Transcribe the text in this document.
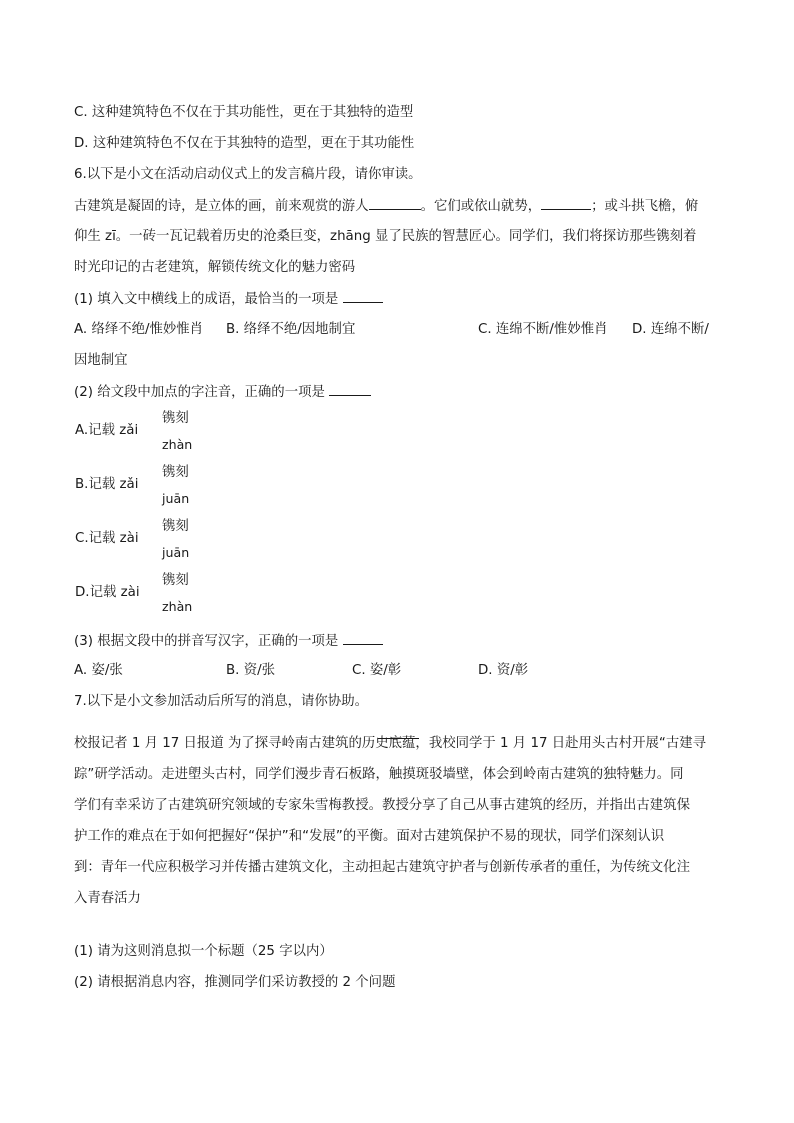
C. 这种建筑特色不仅在于其功能性，更在于其独特的造型
D. 这种建筑特色不仅在于其独特的造型，更在于其功能性
6.以下是小文在活动启动仪式上的发言稿片段，请你审读。
古建筑是凝固的诗，是立体的画，前来观赏的游人	。它们或依山就势，	；或斗拱飞檐，俯
仰生 zī。一砖一瓦记载着历史的沧桑巨变，zhāng 显了民族的智慧匠心。同学们，我们将探访那些镌刻着
时光印记的古老建筑，解锁传统文化的魅力密码
(1) 填入文中横线上的成语，最恰当的一项是
A. 络绎不绝/惟妙惟肖 B. 络绎不绝/因地制宜	C. 连绵不断/惟妙惟肖 D. 连绵不断/
因地制宜
(2) 给文段中加点的字注音，正确的一项是
A.记载 zǎi
镌刻
zhàn
B.记载 zǎi
镌刻
juān
C.记载 zài
镌刻
juān
D.记载 zài
镌刻
zhàn
(3) 根据文段中的拼音写汉字，正确的一项是
A. 姿/张	B. 资/张	C. 姿/彰	D. 资/彰
7.以下是小文参加活动后所写的消息，请你协助。
校报记者 1 月 17 日报道 为了探寻岭南古建筑的历史底蕴，我校同学于 1 月 17 日赴用头古村开展“古建寻
踪”研学活动。走进塱头古村，同学们漫步青石板路，触摸斑驳墙壁，体会到岭南古建筑的独特魅力。同
学们有幸采访了古建筑研究领域的专家朱雪梅教授。教授分享了自己从事古建筑的经历，并指出古建筑保
护工作的难点在于如何把握好“保护”和“发展”的平衡。面对古建筑保护不易的现状，同学们深刻认识
到：青年一代应积极学习并传播古建筑文化，主动担起古建筑守护者与创新传承者的重任，为传统文化注
入青春活力
(1) 请为这则消息拟一个标题（25 字以内）
(2) 请根据消息内容，推测同学们采访教授的 2 个问题
